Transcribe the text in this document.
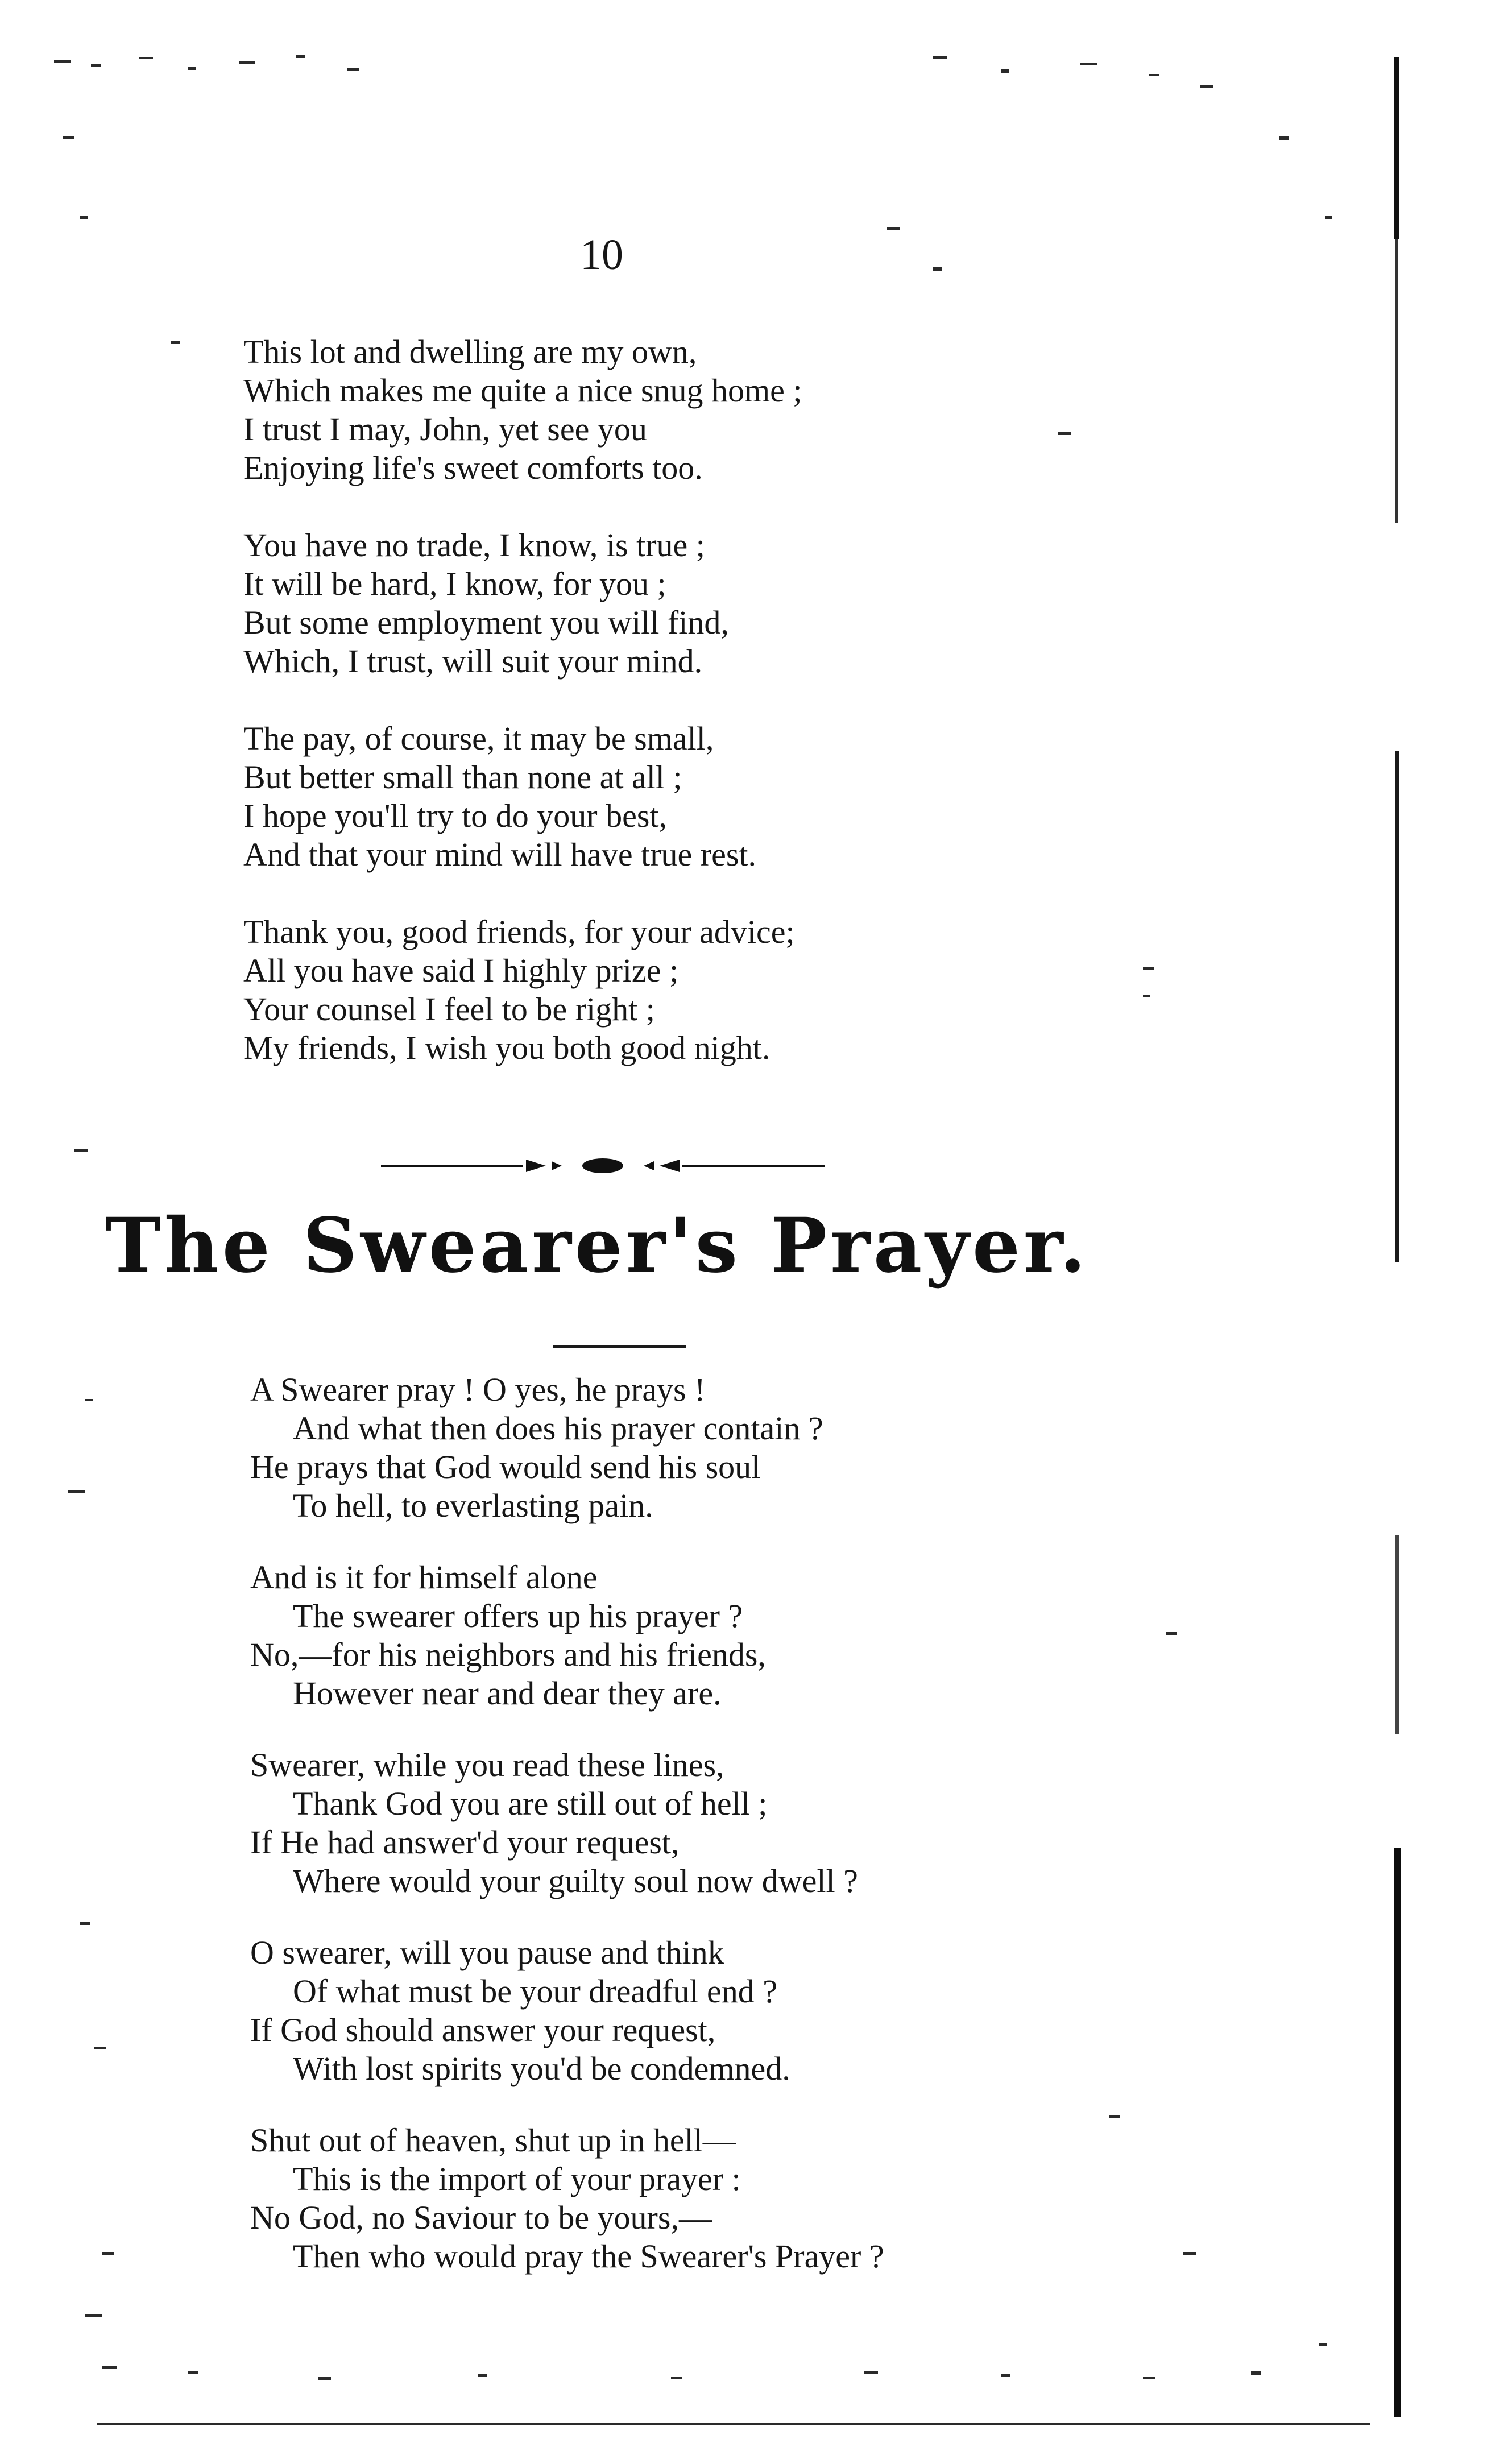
10
This lot and dwelling are my own,
Which makes me quite a nice snug home ;
I trust I may, John, yet see you
Enjoying life's sweet comforts too.
You have no trade, I know, is true ;
It will be hard, I know, for you ;
But some employment you will find,
Which, I trust, will suit your mind.
The pay, of course, it may be small,
But better small than none at all ;
I hope you'll try to do your best,
And that your mind will have true rest.
Thank you, good friends, for your advice;
All you have said I highly prize ;
Your counsel I feel to be right ;
My friends, I wish you both good night.
The Swearer's Prayer.
A Swearer pray ! O yes, he prays !
And what then does his prayer contain ?
He prays that God would send his soul
To hell, to everlasting pain.
And is it for himself alone
The swearer offers up his prayer ?
No,—for his neighbors and his friends,
However near and dear they are.
Swearer, while you read these lines,
Thank God you are still out of hell ;
If He had answer'd your request,
Where would your guilty soul now dwell ?
O swearer, will you pause and think
Of what must be your dreadful end ?
If God should answer your request,
With lost spirits you'd be condemned.
Shut out of heaven, shut up in hell—
This is the import of your prayer :
No God, no Saviour to be yours,—
Then who would pray the Swearer's Prayer ?
